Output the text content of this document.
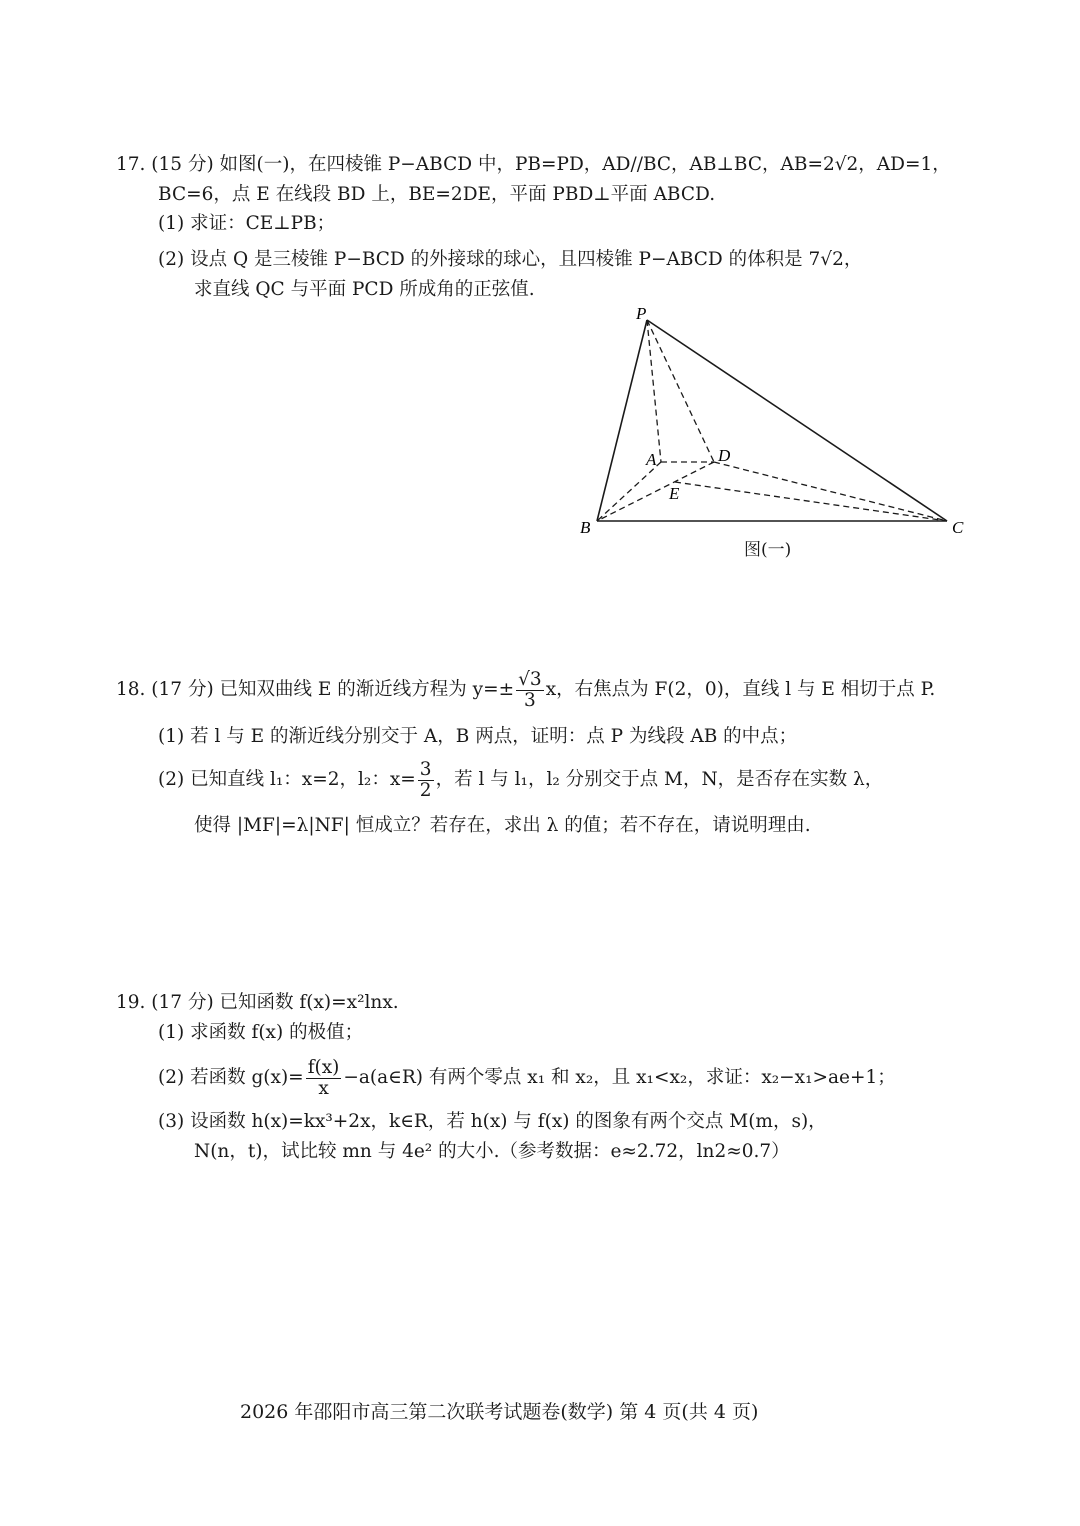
17. (15 分) 如图(一)，在四棱锥 P−ABCD 中，PB=PD，AD//BC，AB⊥BC，AB=2√2，AD=1，
BC=6，点 E 在线段 BD 上，BE=2DE，平面 PBD⊥平面 ABCD.
(1) 求证：CE⊥PB；
(2) 设点 Q 是三棱锥 P−BCD 的外接球的球心，且四棱锥 P−ABCD 的体积是 7√2，
求直线 QC 与平面 PCD 所成角的正弦值.
P
A	D
E
B	C
图(一)
18. (17 分) 已知双曲线 E 的渐近线方程为 $y=\pm \frac{√3}{3}$ x，右焦点为 F(2，0)，直线 l 与 E 相切于点 P.
(1) 若 l 与 E 的渐近线分别交于 A，B 两点，证明：点 P 为线段 AB 的中点；
(2) 已知直线 l₁：x=2，l₂：$x= \frac{3}{2}$ ，若 l 与 l₁，l₂ 分别交于点 M，N，是否存在实数 λ，
使得 |MF|=λ|NF| 恒成立？若存在，求出 λ 的值；若不存在，请说明理由.
19. (17 分) 已知函数 f(x)=x²lnx.
(1) 求函数 f(x) 的极值；
(2) 若函数 $g(x)= \frac{f(x)}{x}$ −a(a∈R) 有两个零点 x₁ 和 x₂，且 x₁<x₂，求证：x₂−x₁>ae+1；
(3) 设函数 h(x)=kx³+2x，k∈R，若 h(x) 与 f(x) 的图象有两个交点 M(m，s)，
N(n，t)，试比较 mn 与 4e² 的大小.（参考数据：e≈2.72，ln2≈0.7）
2026 年邵阳市高三第二次联考试题卷(数学) 第 4 页(共 4 页)
